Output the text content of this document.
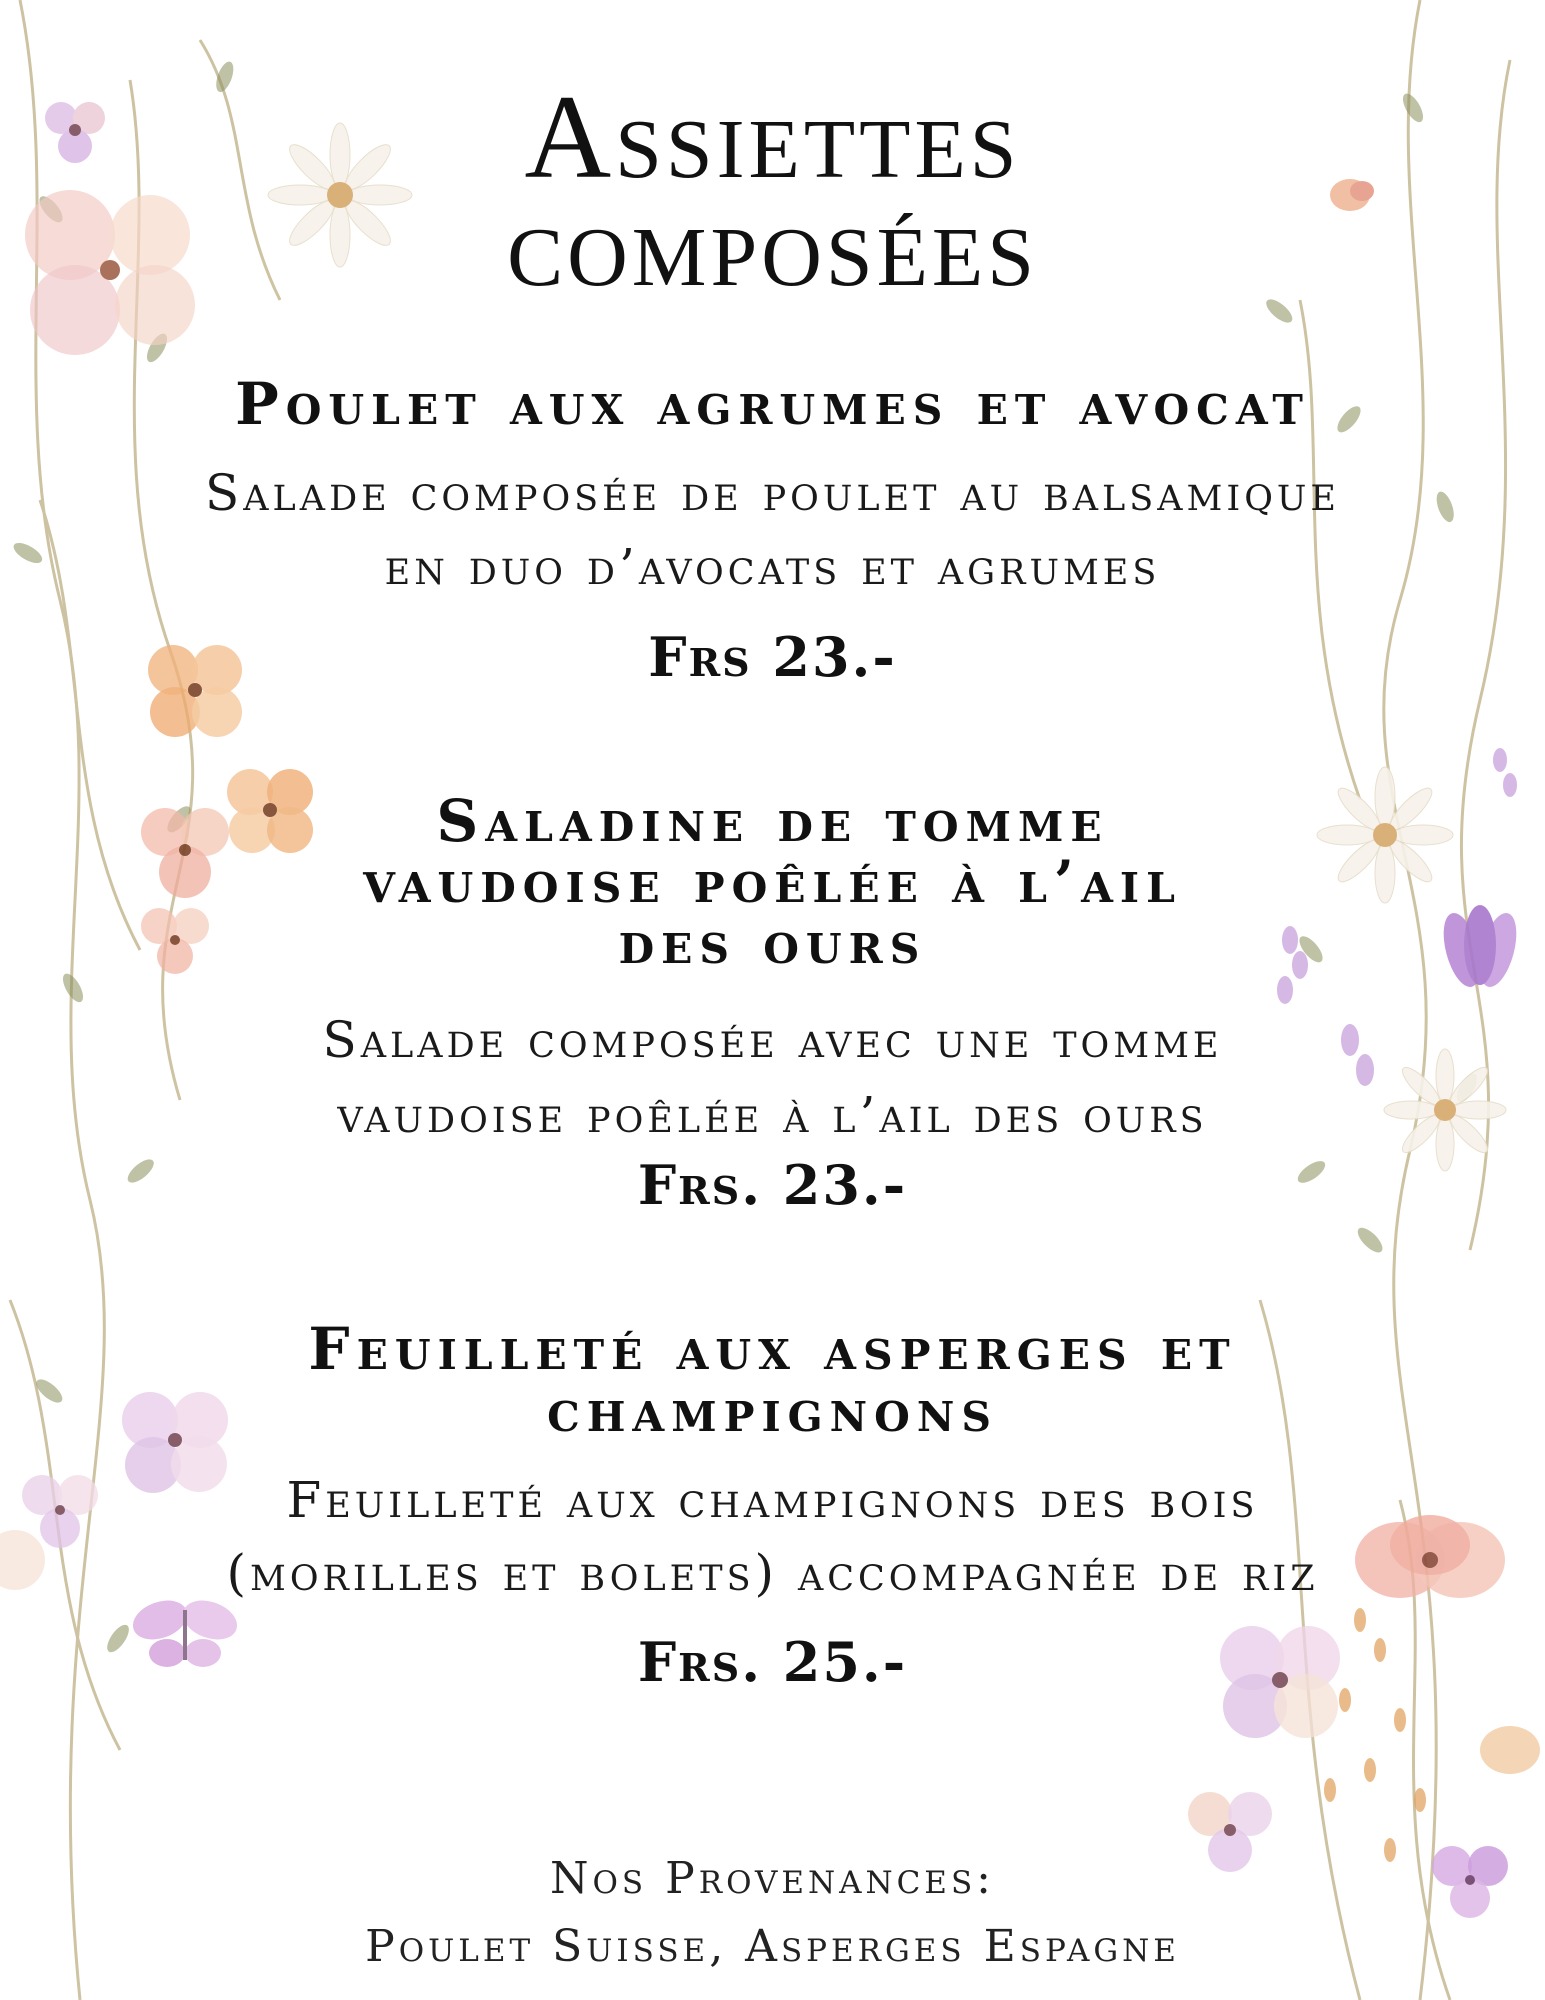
Assiettes
composées
Poulet aux agrumes et avocat
Salade composée de poulet au balsamique
en duo d’avocats et agrumes
Frs 23.-
Saladine de tomme
vaudoise poêlée à l’ail
des ours
Salade composée avec une tomme
vaudoise poêlée à l’ail des ours
Frs. 23.-
Feuilleté aux asperges et
champignons
Feuilleté aux champignons des bois
(morilles et bolets) accompagnée de riz
Frs. 25.-
Nos Provenances:
Poulet Suisse, Asperges Espagne
